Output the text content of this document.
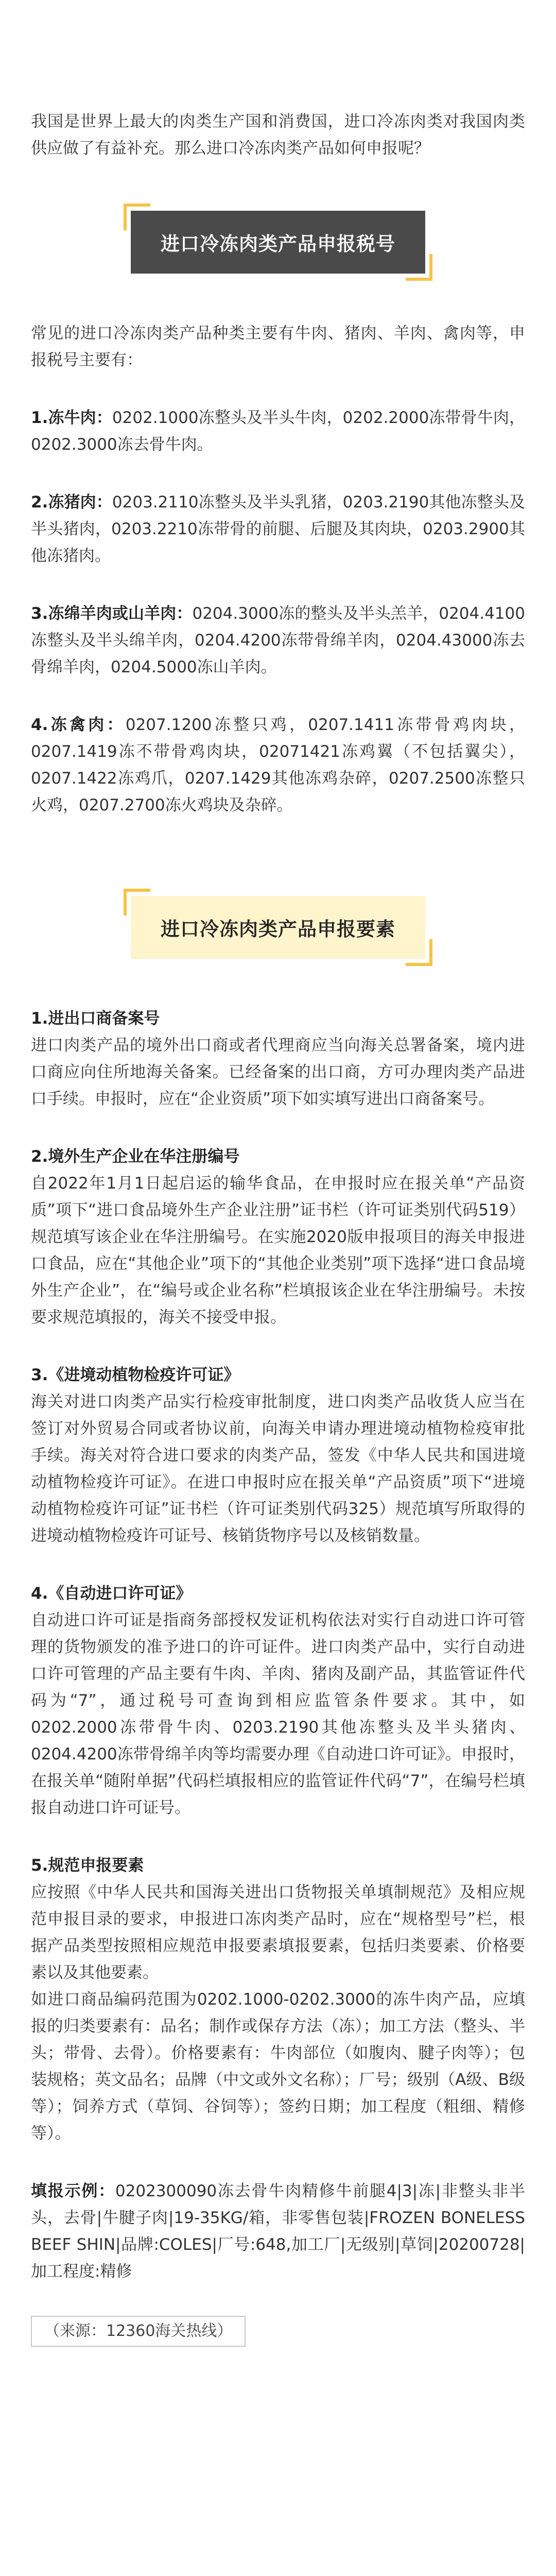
我国是世界上最大的肉类生产国和消费国，进口冷冻肉类对我国肉类供应做了有益补充。那么进口冷冻肉类产品如何申报呢？

进口冷冻肉类产品申报税号

常见的进口冷冻肉类产品种类主要有牛肉、猪肉、羊肉、禽肉等，申报税号主要有：

1.冻牛肉：0202.1000冻整头及半头牛肉，0202.2000冻带骨牛肉，0202.3000冻去骨牛肉。

2.冻猪肉：0203.2110冻整头及半头乳猪，0203.2190其他冻整头及半头猪肉，0203.2210冻带骨的前腿、后腿及其肉块，0203.2900其他冻猪肉。

3.冻绵羊肉或山羊肉：0204.3000冻的整头及半头羔羊，0204.4100冻整头及半头绵羊肉，0204.4200冻带骨绵羊肉，0204.43000冻去骨绵羊肉，0204.5000冻山羊肉。

4.冻禽肉：0207.1200冻整只鸡，0207.1411冻带骨鸡肉块，0207.1419冻不带骨鸡肉块，02071421冻鸡翼（不包括翼尖），0207.1422冻鸡爪，0207.1429其他冻鸡杂碎，0207.2500冻整只火鸡，0207.2700冻火鸡块及杂碎。

进口冷冻肉类产品申报要素

1.进出口商备案号

进口肉类产品的境外出口商或者代理商应当向海关总署备案，境内进口商应向住所地海关备案。已经备案的出口商，方可办理肉类产品进口手续。申报时，应在“企业资质”项下如实填写进出口商备案号。

2.境外生产企业在华注册编号

自2022年1月1日起启运的输华食品，在申报时应在报关单“产品资质”项下“进口食品境外生产企业注册”证书栏（许可证类别代码519）规范填写该企业在华注册编号。在实施2020版申报项目的海关申报进口食品，应在“其他企业”项下的“其他企业类别”项下选择“进口食品境外生产企业”，在“编号或企业名称”栏填报该企业在华注册编号。未按要求规范填报的，海关不接受申报。

3.《进境动植物检疫许可证》

海关对进口肉类产品实行检疫审批制度，进口肉类产品收货人应当在签订对外贸易合同或者协议前，向海关申请办理进境动植物检疫审批手续。海关对符合进口要求的肉类产品，签发《中华人民共和国进境动植物检疫许可证》。在进口申报时应在报关单“产品资质”项下“进境动植物检疫许可证”证书栏（许可证类别代码325）规范填写所取得的进境动植物检疫许可证号、核销货物序号以及核销数量。

4.《自动进口许可证》

自动进口许可证是指商务部授权发证机构依法对实行自动进口许可管理的货物颁发的准予进口的许可证件。进口肉类产品中，实行自动进口许可管理的产品主要有牛肉、羊肉、猪肉及副产品，其监管证件代码为“7”，通过税号可查询到相应监管条件要求。其中，如0202.2000冻带骨牛肉、0203.2190其他冻整头及半头猪肉、0204.4200冻带骨绵羊肉等均需要办理《自动进口许可证》。申报时，在报关单“随附单据”代码栏填报相应的监管证件代码“7”，在编号栏填报自动进口许可证号。

5.规范申报要素

应按照《中华人民共和国海关进出口货物报关单填制规范》及相应规范申报目录的要求，申报进口冻肉类产品时，应在“规格型号”栏，根据产品类型按照相应规范申报要素填报要素，包括归类要素、价格要素以及其他要素。

如进口商品编码范围为0202.1000-0202.3000的冻牛肉产品，应填报的归类要素有：品名；制作或保存方法（冻）；加工方法（整头、半头；带骨、去骨）。价格要素有：牛肉部位（如腹肉、腱子肉等）；包装规格；英文品名；品牌（中文或外文名称）；厂号；级别（A级、B级等）；饲养方式（草饲、谷饲等）；签约日期；加工程度（粗细、精修等）。

填报示例：0202300090冻去骨牛肉精修牛前腿4|3|冻|非整头非半头，去骨|牛腱子肉|19-35KG/箱，非零售包装|FROZEN BONELESS BEEF SHIN|品牌:COLES|厂号:648,加工厂|无级别|草饲|20200728|加工程度:精修

（来源：12360海关热线）
